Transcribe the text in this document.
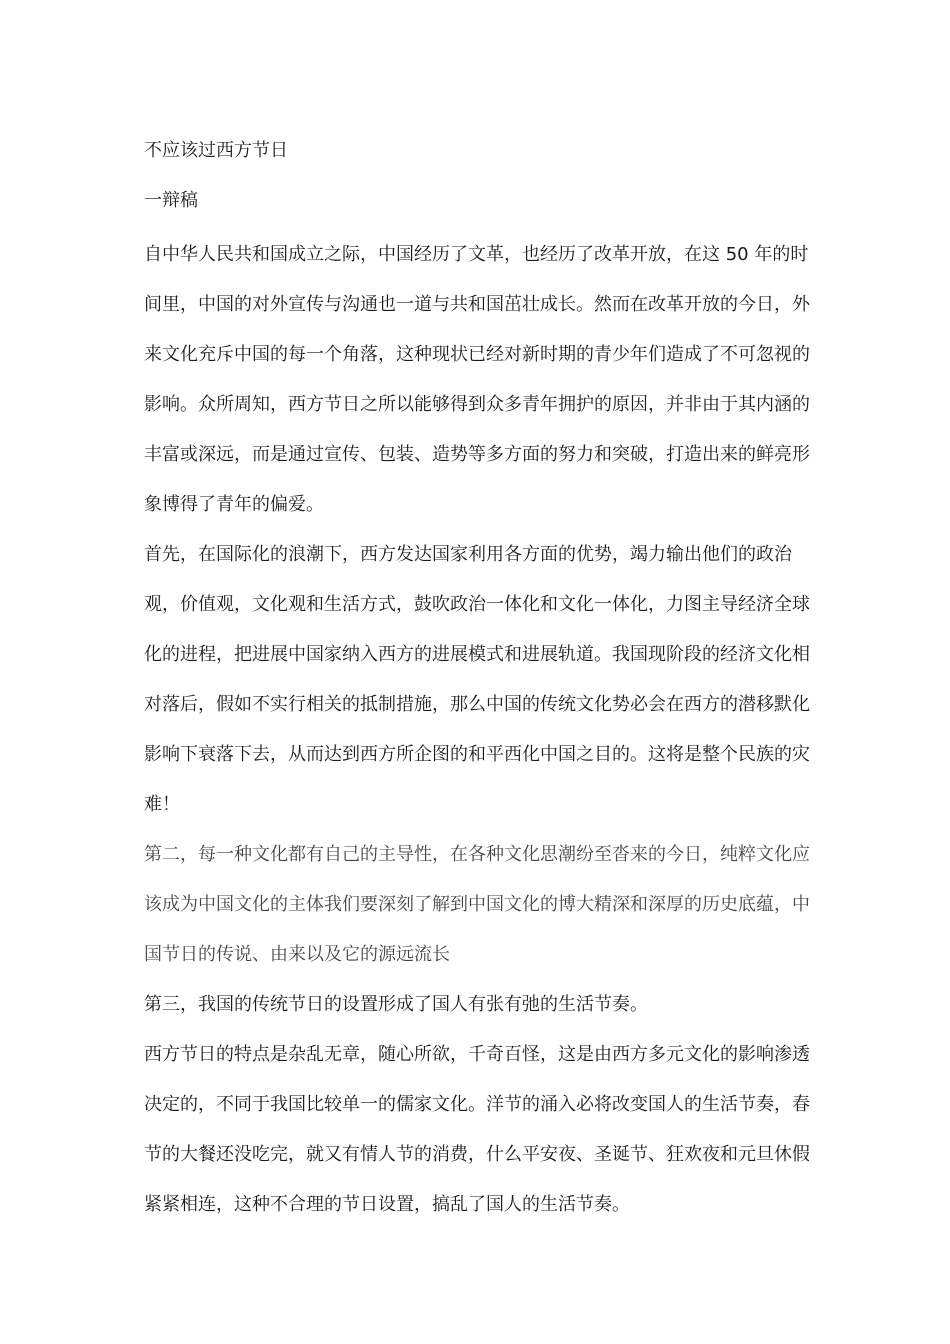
不应该过西方节日

一辩稿

自中华人民共和国成立之际，中国经历了文革，也经历了改革开放，在这 50 年的时间里，中国的对外宣传与沟通也一道与共和国茁壮成长。然而在改革开放的今日，外来文化充斥中国的每一个角落，这种现状已经对新时期的青少年们造成了不可忽视的影响。众所周知，西方节日之所以能够得到众多青年拥护的原因，并非由于其内涵的丰富或深远，而是通过宣传、包装、造势等多方面的努力和突破，打造出来的鲜亮形象博得了青年的偏爱。

首先，在国际化的浪潮下，西方发达国家利用各方面的优势，竭力输出他们的政治观，价值观，文化观和生活方式，鼓吹政治一体化和文化一体化，力图主导经济全球化的进程，把进展中国家纳入西方的进展模式和进展轨道。我国现阶段的经济文化相对落后，假如不实行相关的抵制措施，那么中国的传统文化势必会在西方的潜移默化影响下衰落下去，从而达到西方所企图的和平西化中国之目的。这将是整个民族的灾难！

第二，每一种文化都有自己的主导性，在各种文化思潮纷至沓来的今日，纯粹文化应该成为中国文化的主体我们要深刻了解到中国文化的博大精深和深厚的历史底蕴，中国节日的传说、由来以及它的源远流长

第三，我国的传统节日的设置形成了国人有张有弛的生活节奏。

西方节日的特点是杂乱无章，随心所欲，千奇百怪，这是由西方多元文化的影响渗透决定的，不同于我国比较单一的儒家文化。洋节的涌入必将改变国人的生活节奏，春节的大餐还没吃完，就又有情人节的消费，什么平安夜、圣诞节、狂欢夜和元旦休假紧紧相连，这种不合理的节日设置，搞乱了国人的生活节奏。
